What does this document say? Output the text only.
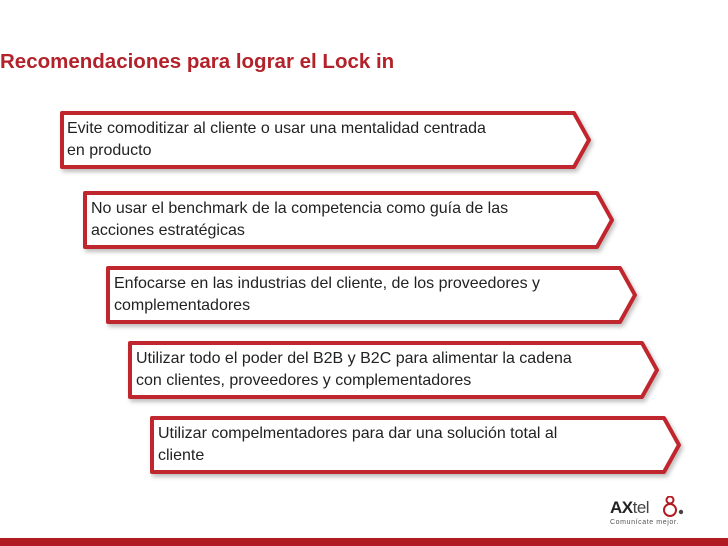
Recomendaciones para lograr el Lock in
Evite comoditizar al cliente o usar una mentalidad centrada
en producto
No usar el benchmark de la competencia como guía de las
acciones estratégicas
Enfocarse en las industrias del cliente, de los proveedores y
complementadores
Utilizar todo el poder del B2B y B2C para alimentar la cadena
con clientes, proveedores y complementadores
Utilizar compelmentadores para dar una solución total al
cliente
AXtel
Comunícate mejor.
